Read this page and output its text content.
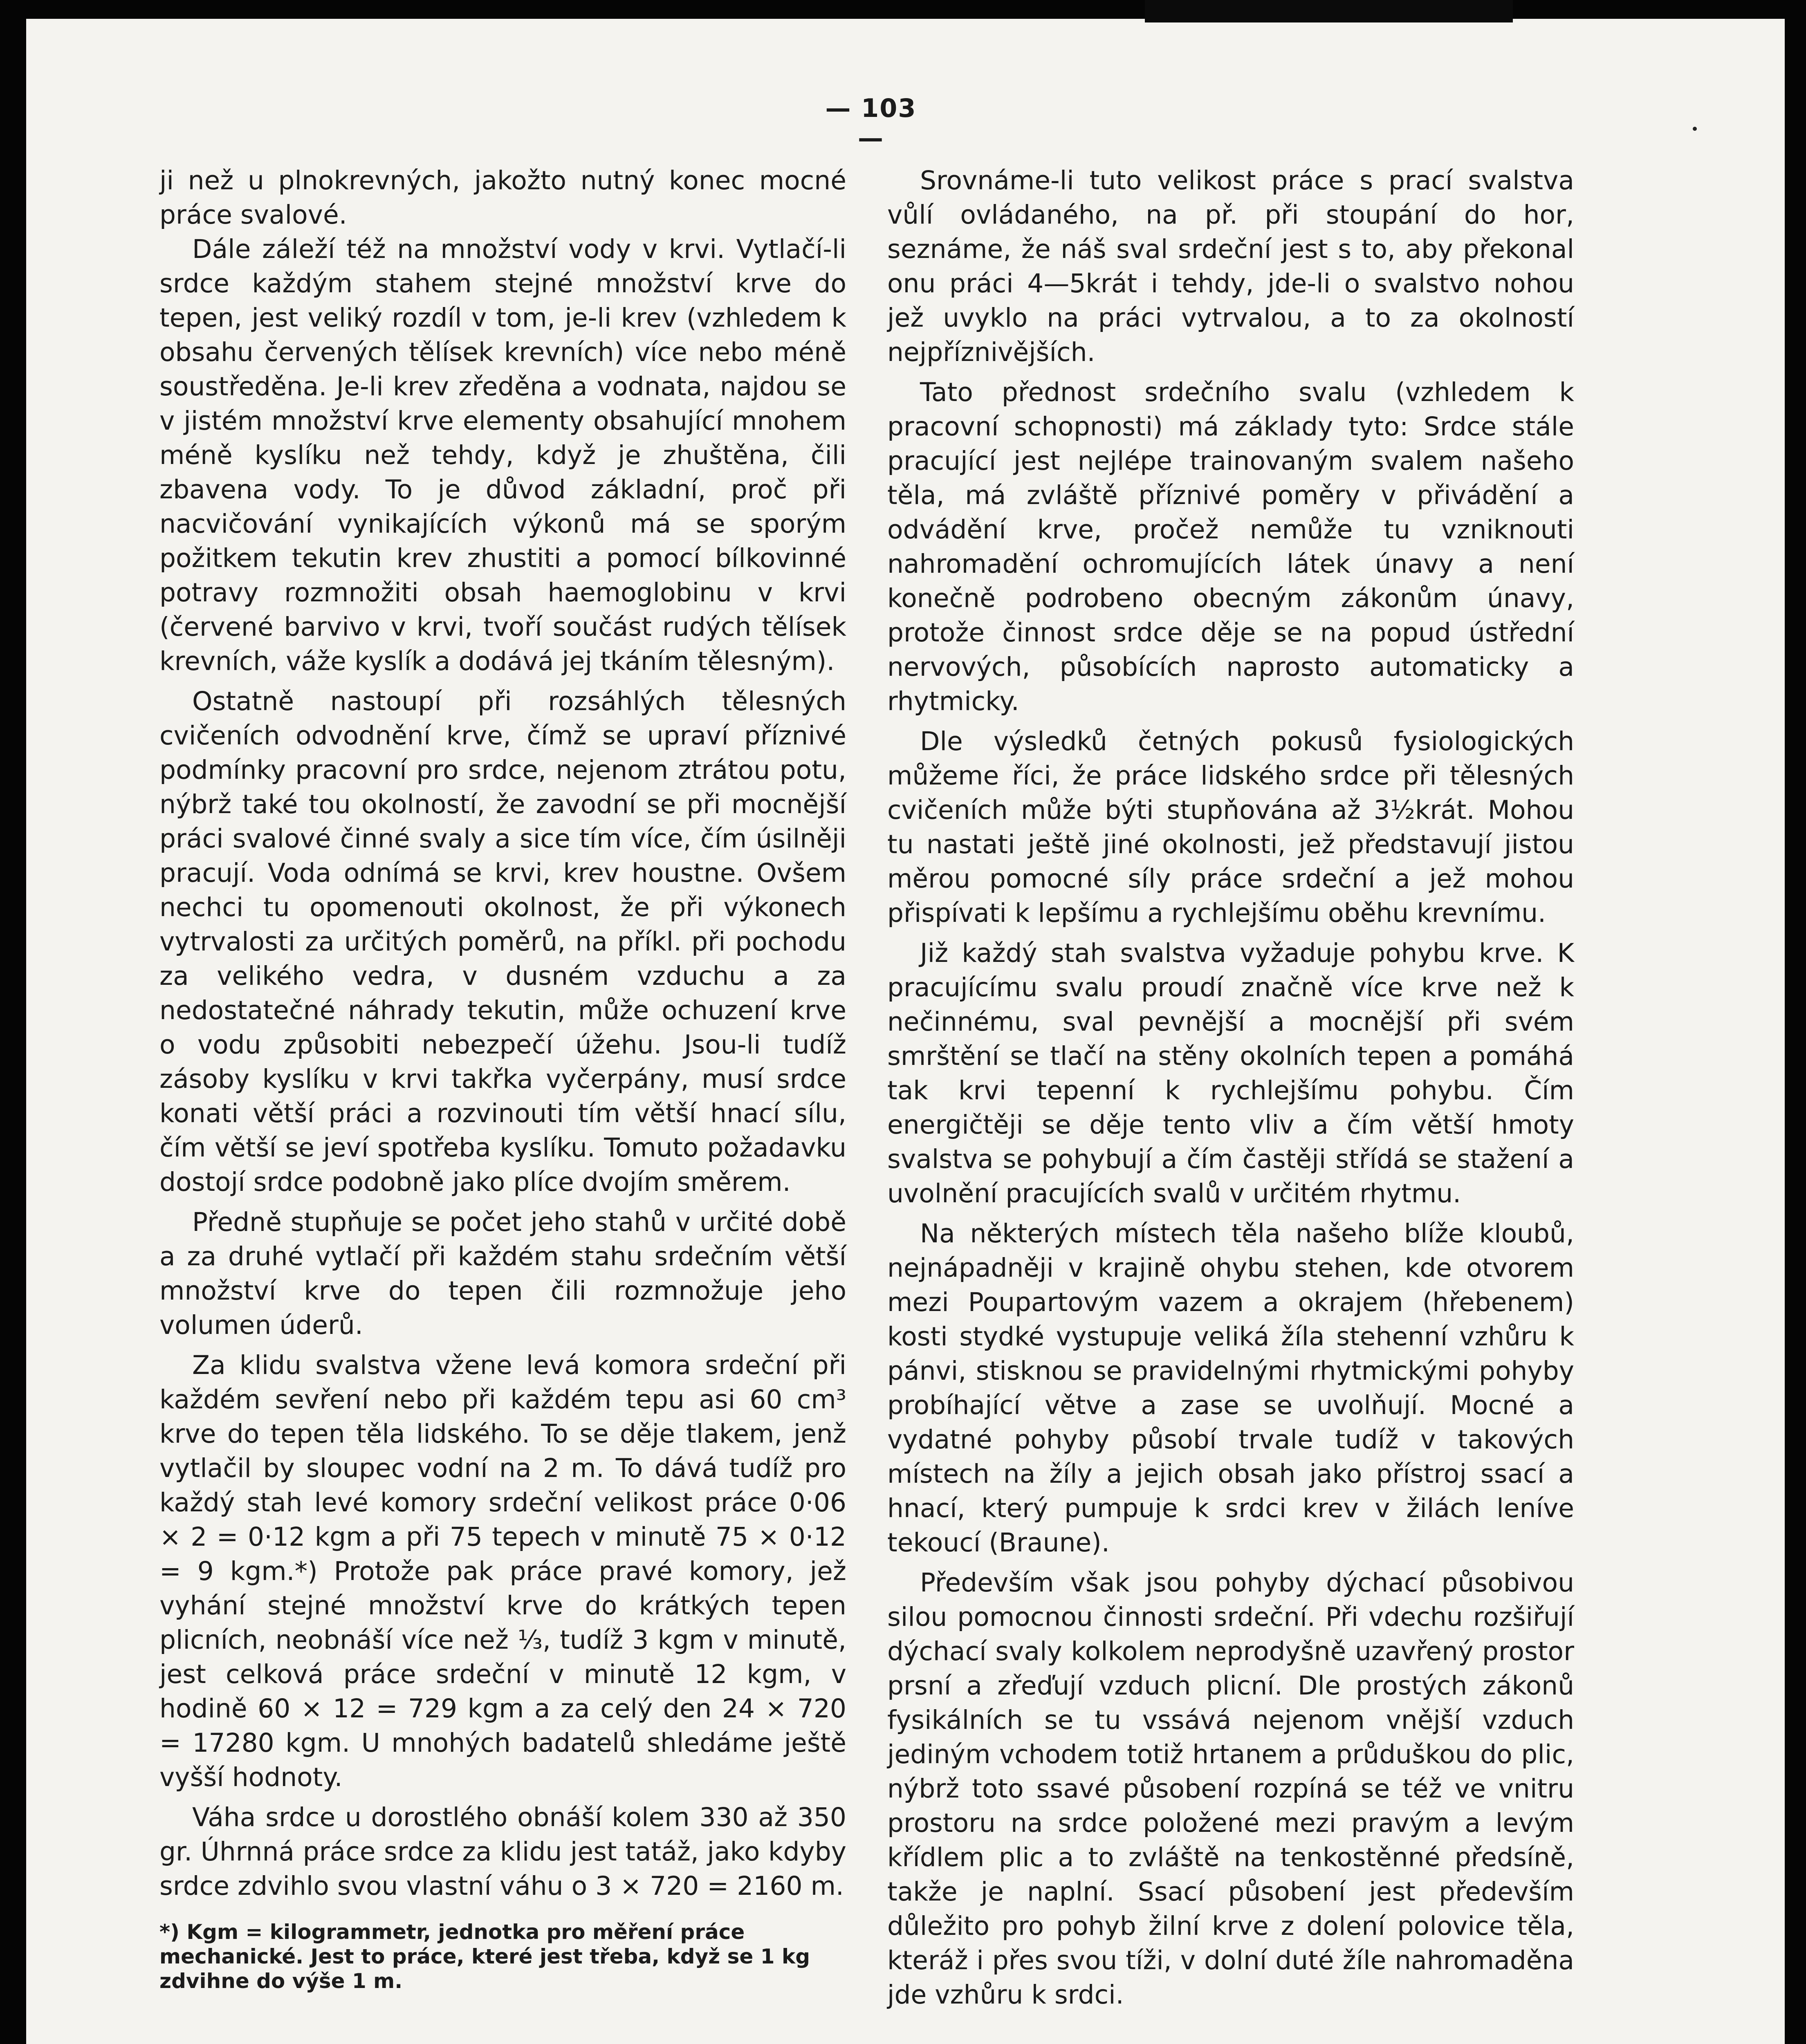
— 103 —

ji než u plnokrevných, jakožto nutný konec mocné práce svalové.

Dále záleží též na množství vody v krvi. Vytlačí-li srdce každým stahem stejné množství krve do tepen, jest veliký rozdíl v tom, je-li krev (vzhledem k obsahu červených tělísek krevních) více nebo méně soustředěna. Je-li krev zředěna a vodnata, najdou se v jistém množství krve elementy obsahující mnohem méně kyslíku než tehdy, když je zhuštěna, čili zbavena vody. To je důvod základní, proč při nacvičování vynikajících výkonů má se sporým požitkem tekutin krev zhustiti a pomocí bílkovinné potravy rozmnožiti obsah haemoglobinu v krvi (červené barvivo v krvi, tvoří součást rudých tělísek krevních, váže kyslík a dodává jej tkáním tělesným).

Ostatně nastoupí při rozsáhlých tělesných cvičeních odvodnění krve, čímž se upraví příznivé podmínky pracovní pro srdce, nejenom ztrátou potu, nýbrž také tou okolností, že zavodní se při mocnější práci svalové činné svaly a sice tím více, čím úsilněji pracují. Voda odnímá se krvi, krev houstne. Ovšem nechci tu opomenouti okolnost, že při výkonech vytrvalosti za určitých poměrů, na příkl. při pochodu za velikého vedra, v dusném vzduchu a za nedostatečné náhrady tekutin, může ochuzení krve o vodu způsobiti nebezpečí úžehu. Jsou-li tudíž zásoby kyslíku v krvi takřka vyčerpány, musí srdce konati větší práci a rozvinouti tím větší hnací sílu, čím větší se jeví spotřeba kyslíku. Tomuto požadavku dostojí srdce podobně jako plíce dvojím směrem.

Předně stupňuje se počet jeho stahů v určité době a za druhé vytlačí při každém stahu srdečním větší množství krve do tepen čili rozmnožuje jeho volumen úderů.

Za klidu svalstva vžene levá komora srdeční při každém sevření nebo při každém tepu asi 60 cm³ krve do tepen těla lidského. To se děje tlakem, jenž vytlačil by sloupec vodní na 2 m. To dává tudíž pro každý stah levé komory srdeční velikost práce 0·06 × 2 = 0·12 kgm a při 75 tepech v minutě 75 × 0·12 = 9 kgm.*) Protože pak práce pravé komory, jež vyhání stejné množství krve do krátkých tepen plicních, neobnáší více než ⅓, tudíž 3 kgm v minutě, jest celková práce srdeční v minutě 12 kgm, v hodině 60 × 12 = 729 kgm a za celý den 24 × 720 = 17280 kgm. U mnohých badatelů shledáme ještě vyšší hodnoty.

Váha srdce u dorostlého obnáší kolem 330 až 350 gr. Úhrnná práce srdce za klidu jest tatáž, jako kdyby srdce zdvihlo svou vlastní váhu o 3 × 720 = 2160 m.

*) Kgm = kilogrammetr, jednotka pro měření práce
mechanické. Jest to práce, které jest třeba, když se 1 kg
zdvihne do výše 1 m.

Srovnáme-li tuto velikost práce s prací svalstva vůlí ovládaného, na př. při stoupání do hor, seznáme, že náš sval srdeční jest s to, aby překonal onu práci 4—5krát i tehdy, jde-li o svalstvo nohou jež uvyklo na práci vytrvalou, a to za okolností nejpříznivějších.

Tato přednost srdečního svalu (vzhledem k pracovní schopnosti) má základy tyto: Srdce stále pracující jest nejlépe trainovaným svalem našeho těla, má zvláště příznivé poměry v přivádění a odvádění krve, pročež nemůže tu vzniknouti nahromadění ochromujících látek únavy a není konečně podrobeno obecným zákonům únavy, protože činnost srdce děje se na popud ústřední nervových, působících naprosto automaticky a rhytmicky.

Dle výsledků četných pokusů fysiologických můžeme říci, že práce lidského srdce při tělesných cvičeních může býti stupňována až 3½krát. Mohou tu nastati ještě jiné okolnosti, jež představují jistou měrou pomocné síly práce srdeční a jež mohou přispívati k lepšímu a rychlejšímu oběhu krevnímu.

Již každý stah svalstva vyžaduje pohybu krve. K pracujícímu svalu proudí značně více krve než k nečinnému, sval pevnější a mocnější při svém smrštění se tlačí na stěny okolních tepen a pomáhá tak krvi tepenní k rychlejšímu pohybu. Čím energičtěji se děje tento vliv a čím větší hmoty svalstva se pohybují a čím častěji střídá se stažení a uvolnění pracujících svalů v určitém rhytmu.

Na některých místech těla našeho blíže kloubů, nejnápadněji v krajině ohybu stehen, kde otvorem mezi Poupartovým vazem a okrajem (hřebenem) kosti stydké vystupuje veliká žíla stehenní vzhůru k pánvi, stisknou se pravidelnými rhytmickými pohyby probíhající větve a zase se uvolňují. Mocné a vydatné pohyby působí trvale tudíž v takových místech na žíly a jejich obsah jako přístroj ssací a hnací, který pumpuje k srdci krev v žilách leníve tekoucí (Braune).

Především však jsou pohyby dýchací působivou silou pomocnou činnosti srdeční. Při vdechu rozšiřují dýchací svaly kolkolem neprodyšně uzavřený prostor prsní a zřeďují vzduch plicní. Dle prostých zákonů fysikálních se tu vssává nejenom vnější vzduch jediným vchodem totiž hrtanem a průduškou do plic, nýbrž toto ssavé působení rozpíná se též ve vnitru prostoru na srdce položené mezi pravým a levým křídlem plic a to zvláště na tenkostěnné předsíně, takže je naplní. Ssací působení jest především důležito pro pohyb žilní krve z dolení polovice těla, kteráž i přes svou tíži, v dolní duté žíle nahromaděna jde vzhůru k srdci.
